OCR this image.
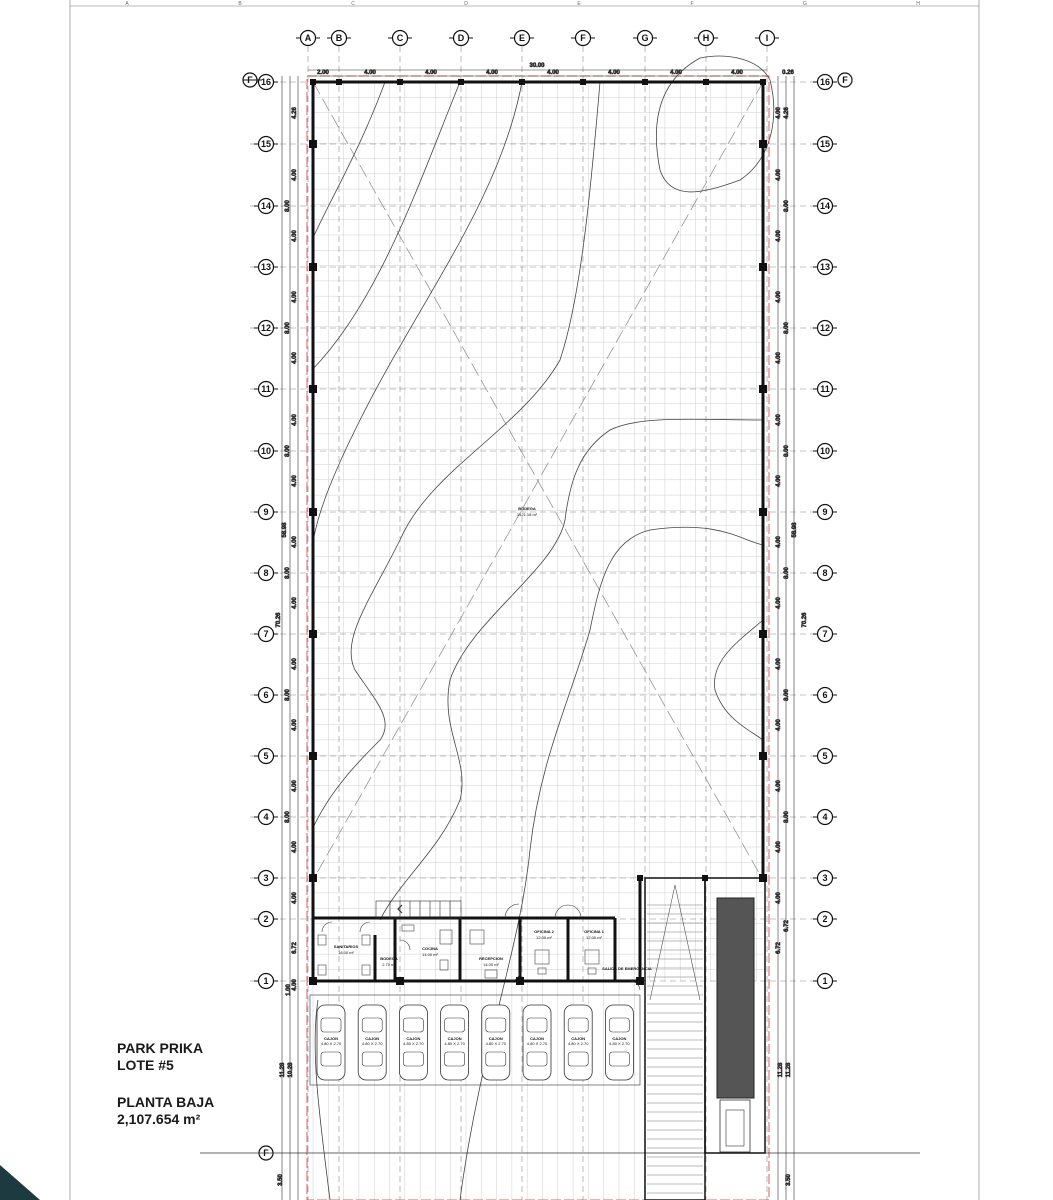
A	B	C	D	E	F	G	H
A	B	C	D	E	F	G	H	I
16	16
15	15
14	14
13	13
12	12
11	11
10	10
9	9
8	8
7	7
6	6
5	5
4	4
3	3
2	2
1	1
F	F
F
30.00
2.00	4.00	4.00	4.00	4.00	4.00	4.00	4.00	0.26
4.26
4.00
4.00
4.00
4.00
4.00
4.00
4.00
4.00
4.00
4.00
4.00
4.00
4.00
6.72
4.00
8.00
8.00
8.00
8.00
8.00
8.00
58.98
70.26
4.00
4.00
4.00
4.00
4.00
4.00
4.00
4.00
4.00
4.00
4.00
4.00
4.00
4.00
6.72
4.26
8.00
8.00
8.00
8.00
8.00
8.00
6.72
58.98
70.26
1.00
11.28 10.28	11.28 11.28
3.50	3.50
SANITARIOS
18.00 m²
BODEGA
2.70 m²
COCINA
14.00 m²
RECEPCION
14.00 m²
OFICINA 2
12.00 m²
OFICINA 1
12.00 m²
SALIDA DE EMERGENCIA
BODEGA
1421.18 m²
CAJON
4.80 X 2.70
CAJON
4.80 X 2.70
CAJON
4.80 X 2.70
CAJON
4.80 X 2.70
CAJON
4.80 X 2.70
CAJON
4.80 X 2.70
CAJON
4.80 X 2.70
CAJON
4.80 X 2.70
PARK PRIKA
LOTE #5
PLANTA BAJA
2,107.654 m²
